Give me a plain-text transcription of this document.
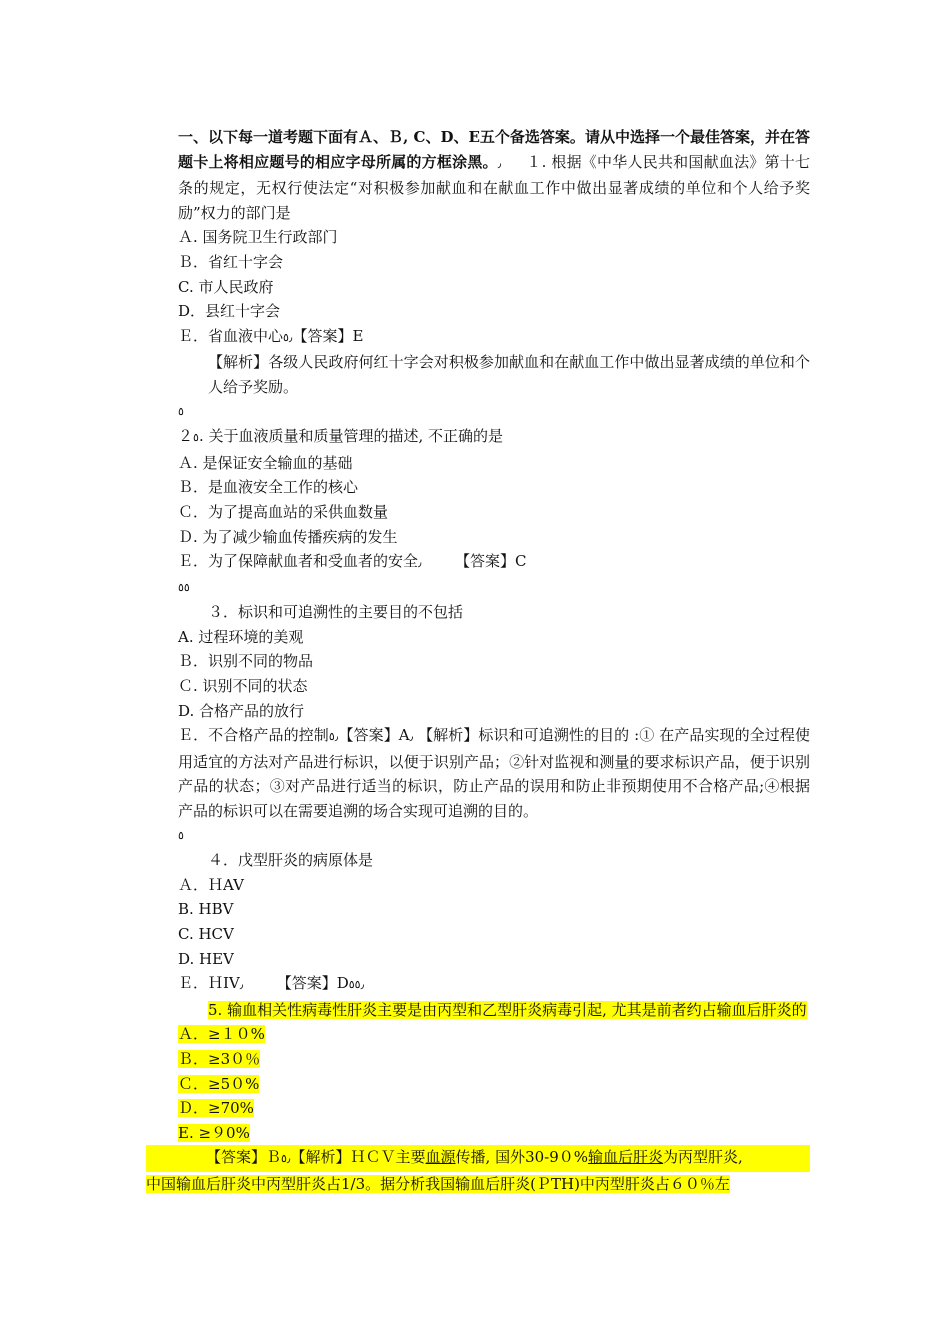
一、以下每一道考题下面有Ａ、Ｂ, C、D、E五个备选答案。请从中选择一个最佳答案，并在答题卡上将相应题号的相应字母所属的方框涂黑。٫ １. 根据《中华人民共和国献血法》第十七条的规定，无权行使法定“对积极参加献血和在献血工作中做出显著成绩的单位和个人给予奖励”权力的部门是

Ａ. 国务院卫生行政部门

Ｂ．省红十字会

C. 市人民政府

D．县红十字会

Ｅ．省血液中心٥٫【答案】E

【解析】各级人民政府何红十字会对积极参加献血和在献血工作中做出显著成绩的单位和个人给予奖励。

٥

２٥. 关于血液质量和质量管理的描述, 不正确的是

Ａ. 是保证安全输血的基础

Ｂ．是血液安全工作的核心

Ｃ．为了提高血站的采供血数量

Ｄ. 为了减少输血传播疾病的发生

Ｅ．为了保障献血者和受血者的安全٫ 【答案】C

٥٥

３．标识和可追溯性的主要目的不包括

A. 过程环境的美观

Ｂ．识别不同的物品

Ｃ. 识别不同的状态

D. 合格产品的放行

Ｅ．不合格产品的控制٥٫【答案】A٫ 【解析】标识和可追溯性的目的 :① 在产品实现的全过程使用适宜的方法对产品进行标识，以便于识别产品；②针对监视和测量的要求标识产品，便于识别产品的状态；③对产品进行适当的标识，防止产品的误用和防止非预期使用不合格产品;④根据产品的标识可以在需要追溯的场合实现可追溯的目的。

٥

４．戊型肝炎的病原体是

Ａ．ＨAV

B. HBV

C. HCV

D. HEV

Ｅ．ＨIV٫ 【答案】D٥٥٫

5. 输血相关性病毒性肝炎主要是由丙型和乙型肝炎病毒引起, 尤其是前者约占输血后肝炎的

Ａ．≥１０%

Ｂ．≥3０％

Ｃ．≥5０%

Ｄ．≥70%

E. ≥９0%

【答案】Ｂ٥٫【解析】ＨＣＶ主要血源传播, 国外30-9０%输血后肝炎为丙型肝炎,

中国输血后肝炎中丙型肝炎占1/3。据分析我国输血后肝炎(ＰTH)中丙型肝炎占６０％左
